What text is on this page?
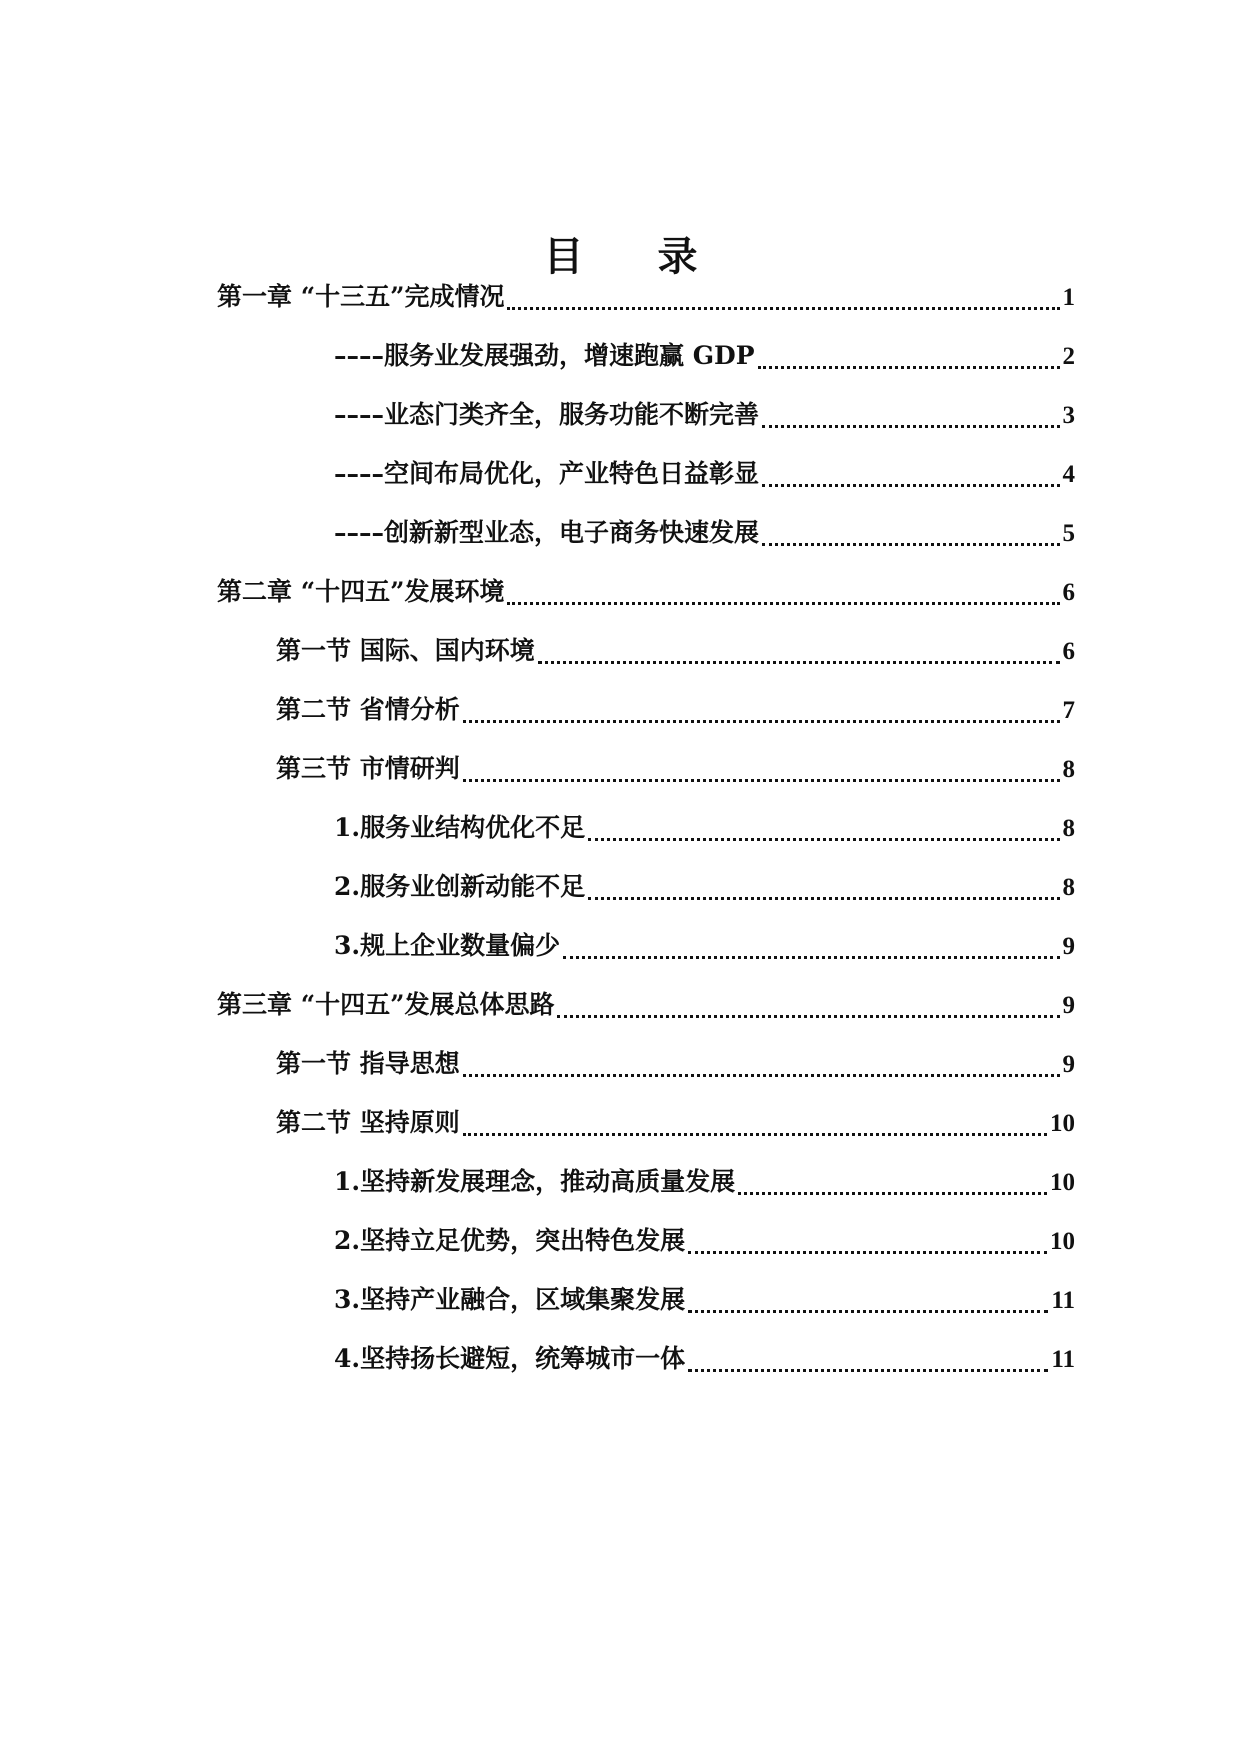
目 录
第一章 “十三五”完成情况	1
––––服务业发展强劲，增速跑赢 GDP	2
––––业态门类齐全，服务功能不断完善	3
––––空间布局优化，产业特色日益彰显	4
––––创新新型业态，电子商务快速发展	5
第二章 “十四五”发展环境	6
第一节 国际、国内环境	6
第二节 省情分析	7
第三节 市情研判	8
1.服务业结构优化不足	8
2.服务业创新动能不足	8
3.规上企业数量偏少	9
第三章 “十四五”发展总体思路	9
第一节 指导思想	9
第二节 坚持原则	10
1.坚持新发展理念，推动高质量发展	10
2.坚持立足优势，突出特色发展	10
3.坚持产业融合，区域集聚发展	11
4.坚持扬长避短，统筹城市一体	11
